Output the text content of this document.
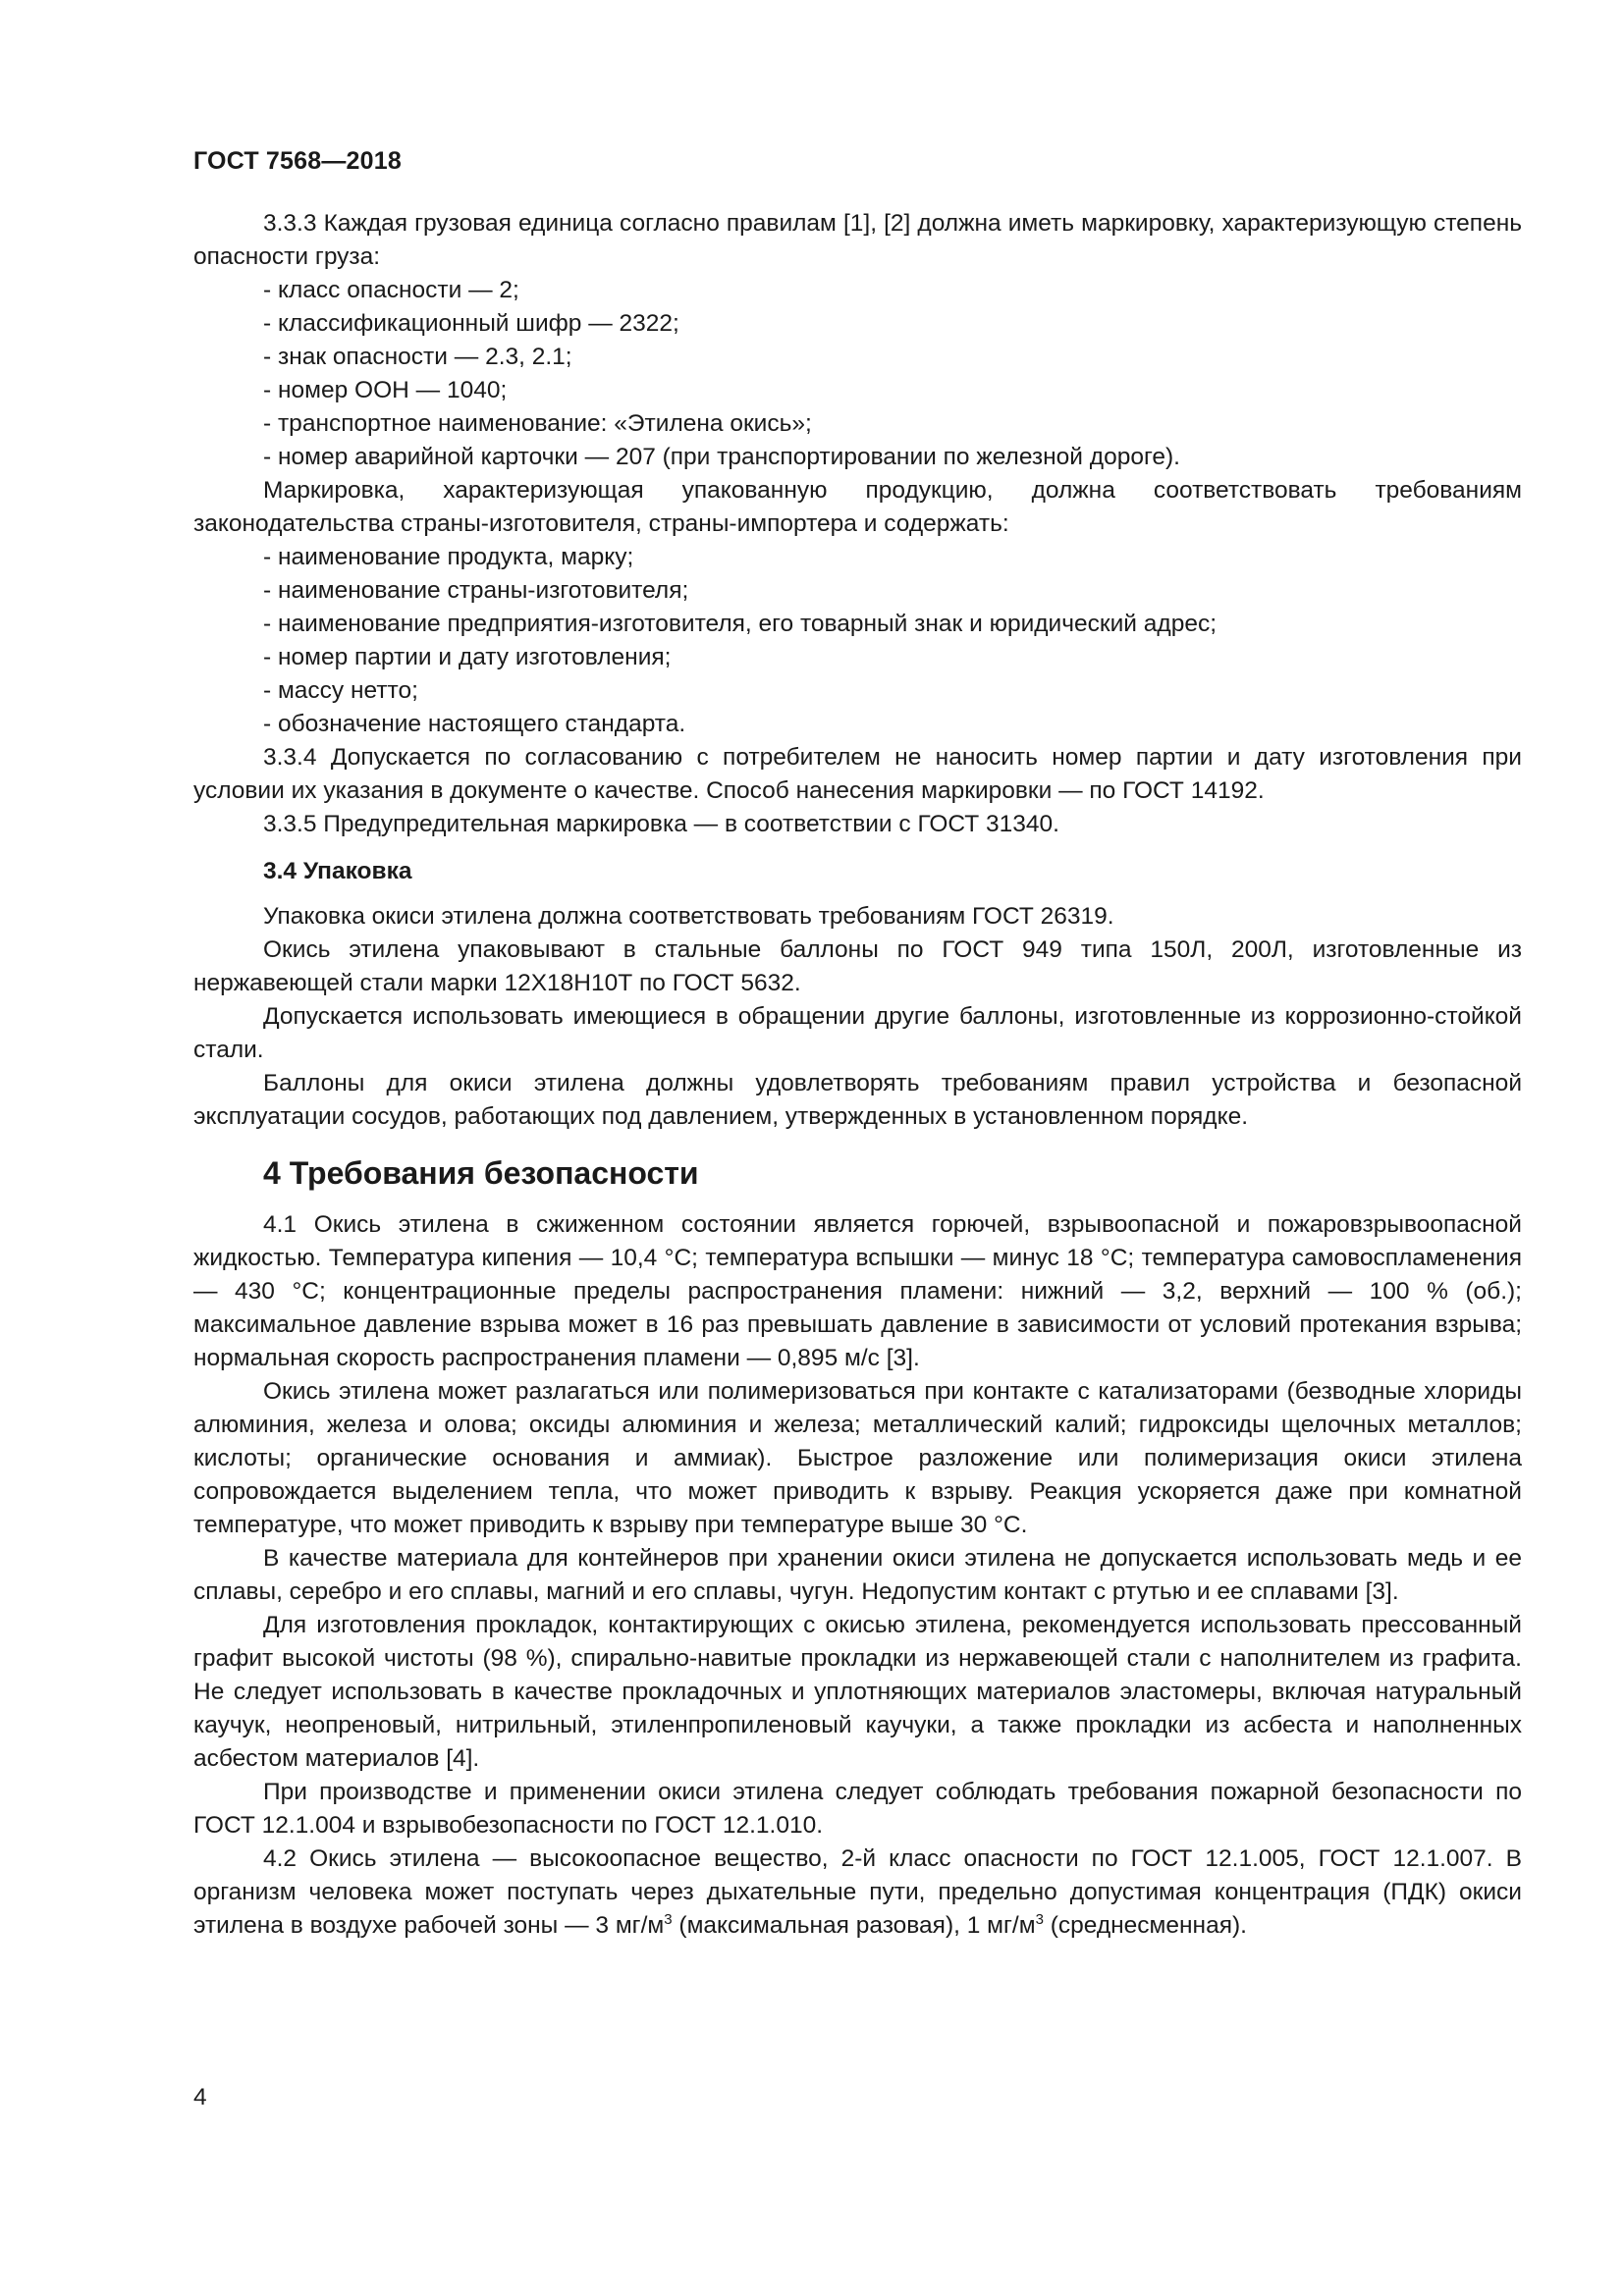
ГОСТ 7568—2018

3.3.3 Каждая грузовая единица согласно правилам [1], [2] должна иметь маркировку, характеризующую степень опасности груза:

- класс опасности — 2;

- классификационный шифр — 2322;

- знак опасности — 2.3, 2.1;

- номер ООН — 1040;

- транспортное наименование: «Этилена окись»;

- номер аварийной карточки — 207 (при транспортировании по железной дороге).

Маркировка, характеризующая упакованную продукцию, должна соответствовать требованиям законодательства страны-изготовителя, страны-импортера и содержать:

- наименование продукта, марку;

- наименование страны-изготовителя;

- наименование предприятия-изготовителя, его товарный знак и юридический адрес;

- номер партии и дату изготовления;

- массу нетто;

- обозначение настоящего стандарта.

3.3.4 Допускается по согласованию с потребителем не наносить номер партии и дату изготовления при условии их указания в документе о качестве. Способ нанесения маркировки — по ГОСТ 14192.

3.3.5 Предупредительная маркировка — в соответствии с ГОСТ 31340.

3.4 Упаковка

Упаковка окиси этилена должна соответствовать требованиям ГОСТ 26319.

Окись этилена упаковывают в стальные баллоны по ГОСТ 949 типа 150Л, 200Л, изготовленные из нержавеющей стали марки 12Х18Н10Т по ГОСТ 5632.

Допускается использовать имеющиеся в обращении другие баллоны, изготовленные из коррозионно-стойкой стали.

Баллоны для окиси этилена должны удовлетворять требованиям правил устройства и безопасной эксплуатации сосудов, работающих под давлением, утвержденных в установленном порядке.

4 Требования безопасности

4.1 Окись этилена в сжиженном состоянии является горючей, взрывоопасной и пожаровзрывоопасной жидкостью. Температура кипения — 10,4 °С; температура вспышки — минус 18 °С; температура самовоспламенения — 430 °С; концентрационные пределы распространения пламени: нижний — 3,2, верхний — 100 % (об.); максимальное давление взрыва может в 16 раз превышать давление в зависимости от условий протекания взрыва; нормальная скорость распространения пламени — 0,895 м/с [3].

Окись этилена может разлагаться или полимеризоваться при контакте с катализаторами (безводные хлориды алюминия, железа и олова; оксиды алюминия и железа; металлический калий; гидроксиды щелочных металлов; кислоты; органические основания и аммиак). Быстрое разложение или полимеризация окиси этилена сопровождается выделением тепла, что может приводить к взрыву. Реакция ускоряется даже при комнатной температуре, что может приводить к взрыву при температуре выше 30 °С.

В качестве материала для контейнеров при хранении окиси этилена не допускается использовать медь и ее сплавы, серебро и его сплавы, магний и его сплавы, чугун. Недопустим контакт с ртутью и ее сплавами [3].

Для изготовления прокладок, контактирующих с окисью этилена, рекомендуется использовать прессованный графит высокой чистоты (98 %), спирально-навитые прокладки из нержавеющей стали с наполнителем из графита. Не следует использовать в качестве прокладочных и уплотняющих материалов эластомеры, включая натуральный каучук, неопреновый, нитрильный, этиленпропиленовый каучуки, а также прокладки из асбеста и наполненных асбестом материалов [4].

При производстве и применении окиси этилена следует соблюдать требования пожарной безопасности по ГОСТ 12.1.004 и взрывобезопасности по ГОСТ 12.1.010.

4.2 Окись этилена — высокоопасное вещество, 2-й класс опасности по ГОСТ 12.1.005, ГОСТ 12.1.007. В организм человека может поступать через дыхательные пути, предельно допустимая концентрация (ПДК) окиси этилена в воздухе рабочей зоны — 3 $мг/м^3$ (максимальная разовая), 1 $мг/м^3$ (среднесменная).

4
